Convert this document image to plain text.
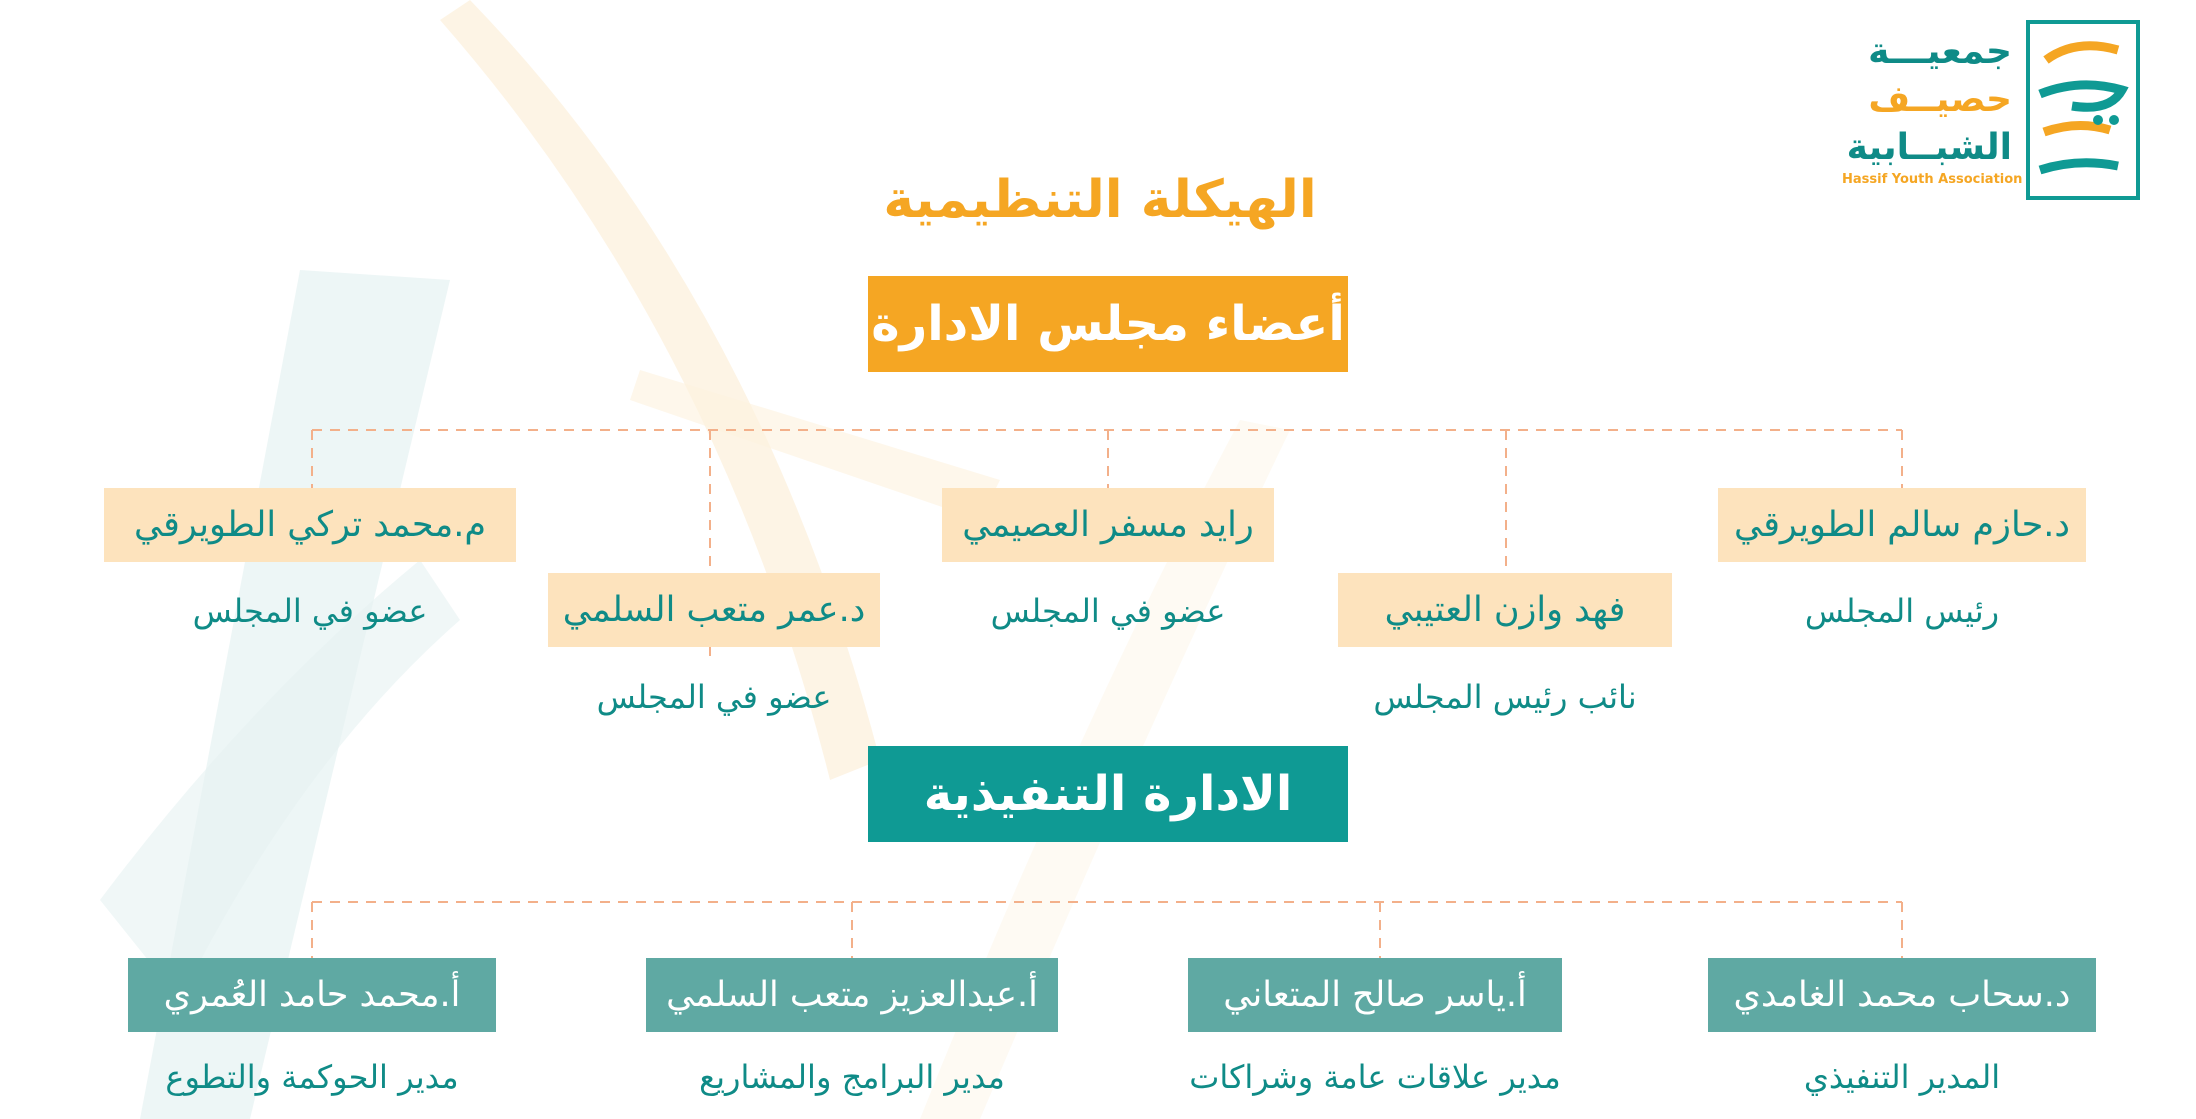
جمعيـــة
حصيــف
الشبــابية
Hassif Youth Association
الهيكلة التنظيمية
أعضاء مجلس الادارة
د.حازم سالم الطويرقي
رئيس المجلس
فهد وازن العتيبي
نائب رئيس المجلس
رايد مسفر العصيمي
عضو في المجلس
د.عمر متعب السلمي
عضو في المجلس
م.محمد تركي الطويرقي
عضو في المجلس
الادارة التنفيذية
د.سحاب محمد الغامدي
المدير التنفيذي
أ.ياسر صالح المتعاني
مدير علاقات عامة وشراكات
أ.عبدالعزيز متعب السلمي
مدير البرامج والمشاريع
أ.محمد حامد العُمري
مدير الحوكمة والتطوع
